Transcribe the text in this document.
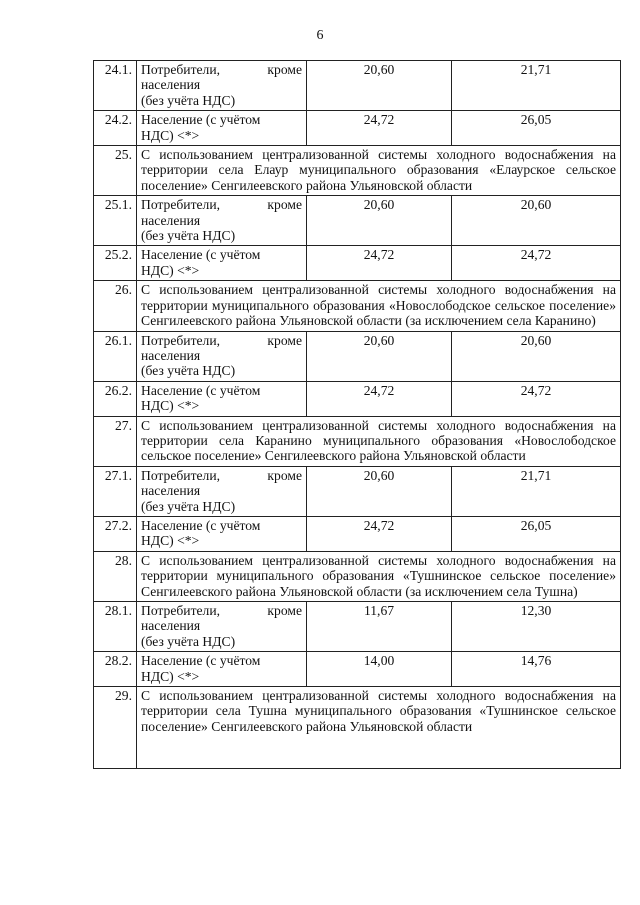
6
24.1.	Потребители, кроме
населения
(без учёта НДС)	20,60	21,71
24.2.	Население (с учётом
НДС) <*>	24,72	26,05
25.	С использованием централизованной системы холодного водоснабжения на территории села Елаур муниципального образования «Елаурское сельское поселение» Сенгилеевского района Ульяновской области		
25.1.	Потребители, кроме
населения
(без учёта НДС)	20,60	20,60
25.2.	Население (с учётом
НДС) <*>	24,72	24,72
26.	С использованием централизованной системы холодного водоснабжения на территории муниципального образования «Новослободское сельское поселение» Сенгилеевского района Ульяновской области (за исключением села Каранино)		
26.1.	Потребители, кроме
населения
(без учёта НДС)	20,60	20,60
26.2.	Население (с учётом
НДС) <*>	24,72	24,72
27.	С использованием централизованной системы холодного водоснабжения на территории села Каранино муниципального образования «Новослободское сельское поселение» Сенгилеевского района Ульяновской области		
27.1.	Потребители, кроме
населения
(без учёта НДС)	20,60	21,71
27.2.	Население (с учётом
НДС) <*>	24,72	26,05
28.	С использованием централизованной системы холодного водоснабжения на территории муниципального образования «Тушнинское сельское поселение» Сенгилеевского района Ульяновской области (за исключением села Тушна)		
28.1.	Потребители, кроме
населения
(без учёта НДС)	11,67	12,30
28.2.	Население (с учётом
НДС) <*>	14,00	14,76
29.	С использованием централизованной системы холодного водоснабжения на территории села Тушна муниципального образования «Тушнинское сельское поселение» Сенгилеевского района Ульяновской области		
